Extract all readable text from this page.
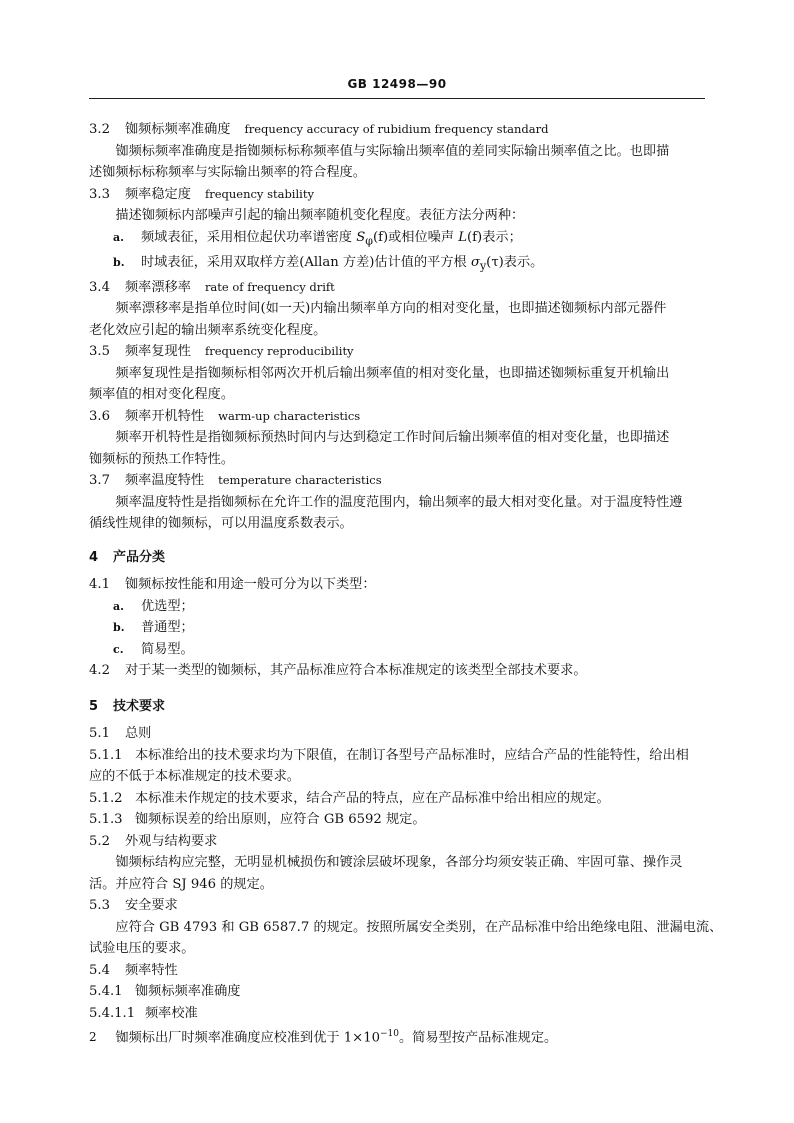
GB 12498—90
3.2 铷频标频率准确度 frequency accuracy of rubidium frequency standard
铷频标频率准确度是指铷频标标称频率值与实际输出频率值的差同实际输出频率值之比。也即描
述铷频标标称频率与实际输出频率的符合程度。
3.3 频率稳定度 frequency stability
描述铷频标内部噪声引起的输出频率随机变化程度。表征方法分两种：
a. 频域表征，采用相位起伏功率谱密度 $S_\varphi(f)$或相位噪声 L(f)表示；
b. 时域表征，采用双取样方差(Allan 方差)估计值的平方根 $\sigma_y(\tau)$表示。
3.4 频率漂移率 rate of frequency drift
频率漂移率是指单位时间(如一天)内输出频率单方向的相对变化量，也即描述铷频标内部元器件
老化效应引起的输出频率系统变化程度。
3.5 频率复现性 frequency reproducibility
频率复现性是指铷频标相邻两次开机后输出频率值的相对变化量，也即描述铷频标重复开机输出
频率值的相对变化程度。
3.6 频率开机特性 warm-up characteristics
频率开机特性是指铷频标预热时间内与达到稳定工作时间后输出频率值的相对变化量，也即描述
铷频标的预热工作特性。
3.7 频率温度特性 temperature characteristics
频率温度特性是指铷频标在允许工作的温度范围内，输出频率的最大相对变化量。对于温度特性遵
循线性规律的铷频标，可以用温度系数表示。
4 产品分类
4.1 铷频标按性能和用途一般可分为以下类型：
a. 优选型；
b. 普通型；
c. 简易型。
4.2 对于某一类型的铷频标，其产品标准应符合本标准规定的该类型全部技术要求。
5 技术要求
5.1 总则
5.1.1 本标准给出的技术要求均为下限值，在制订各型号产品标准时，应结合产品的性能特性，给出相
应的不低于本标准规定的技术要求。
5.1.2 本标准未作规定的技术要求，结合产品的特点，应在产品标准中给出相应的规定。
5.1.3 铷频标误差的给出原则，应符合 GB 6592 规定。
5.2 外观与结构要求
铷频标结构应完整，无明显机械损伤和镀涂层破坏现象，各部分均须安装正确、牢固可靠、操作灵
活。并应符合 SJ 946 的规定。
5.3 安全要求
应符合 GB 4793 和 GB 6587.7 的规定。按照所属安全类别，在产品标准中给出绝缘电阻、泄漏电流、
试验电压的要求。
5.4 频率特性
5.4.1 铷频标频率准确度
5.4.1.1 频率校准
铷频标出厂时频率准确度应校准到优于 $1\times 10^{-10}$。简易型按产品标准规定。
2
